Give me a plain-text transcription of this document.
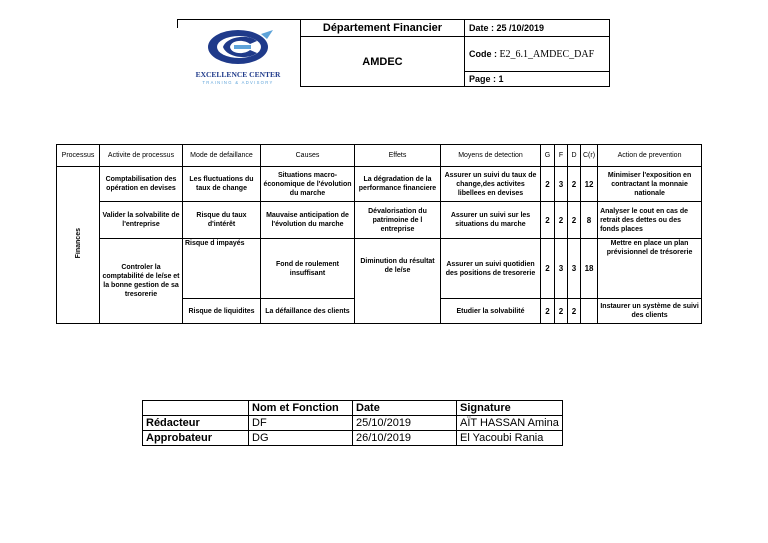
EXCELLENCE CENTER
TRAINING & ADVISORY
Département Financier	Date : 25 /10/2019
AMDEC	Code : E2_6.1_AMDEC_DAF
	Page : 1
Processus	Activite de processus	Mode de defaillance	Causes	Effets	Moyens de detection	G	F	D	C(r)	Action de prevention
Finances	Comptabilisation des opération en devises	Les fluctuations du taux de change	Situations macro-économique de l'évolution du marche	La dégradation de la performance financiere	Assurer un suivi du taux de change,des activites libellees en devises	2	3	2	12	Minimiser l'exposition en contractant la monnaie nationale
	Valider la solvabilite de l'entreprise	Risque du taux d'intérêt	Mauvaise anticipation de l'évolution du marche	Dévalorisation du patrimoine de l entreprise	Assurer un suivi sur les situations du marche	2	2	2	8	Analyser le cout en cas de retrait des dettes ou des fonds places
	Controler la comptabilité de le/se et la bonne gestion de sa tresorerie	Risque d impayés	Fond de roulement insuffisant	Diminution du résultat de le/se	Assurer un suivi quotidien des positions de tresorerie	2	3	3	18	Mettre en place un plan prévisionnel de trésorerie
		Risque de liquidites	La défaillance des clients		Etudier la solvabilité	2	2	2		Instaurer un système de suivi des clients
	Nom et Fonction	Date	Signature
Rédacteur	DF	25/10/2019	AÏT HASSAN Amina
Approbateur	DG	26/10/2019	El Yacoubi Rania
